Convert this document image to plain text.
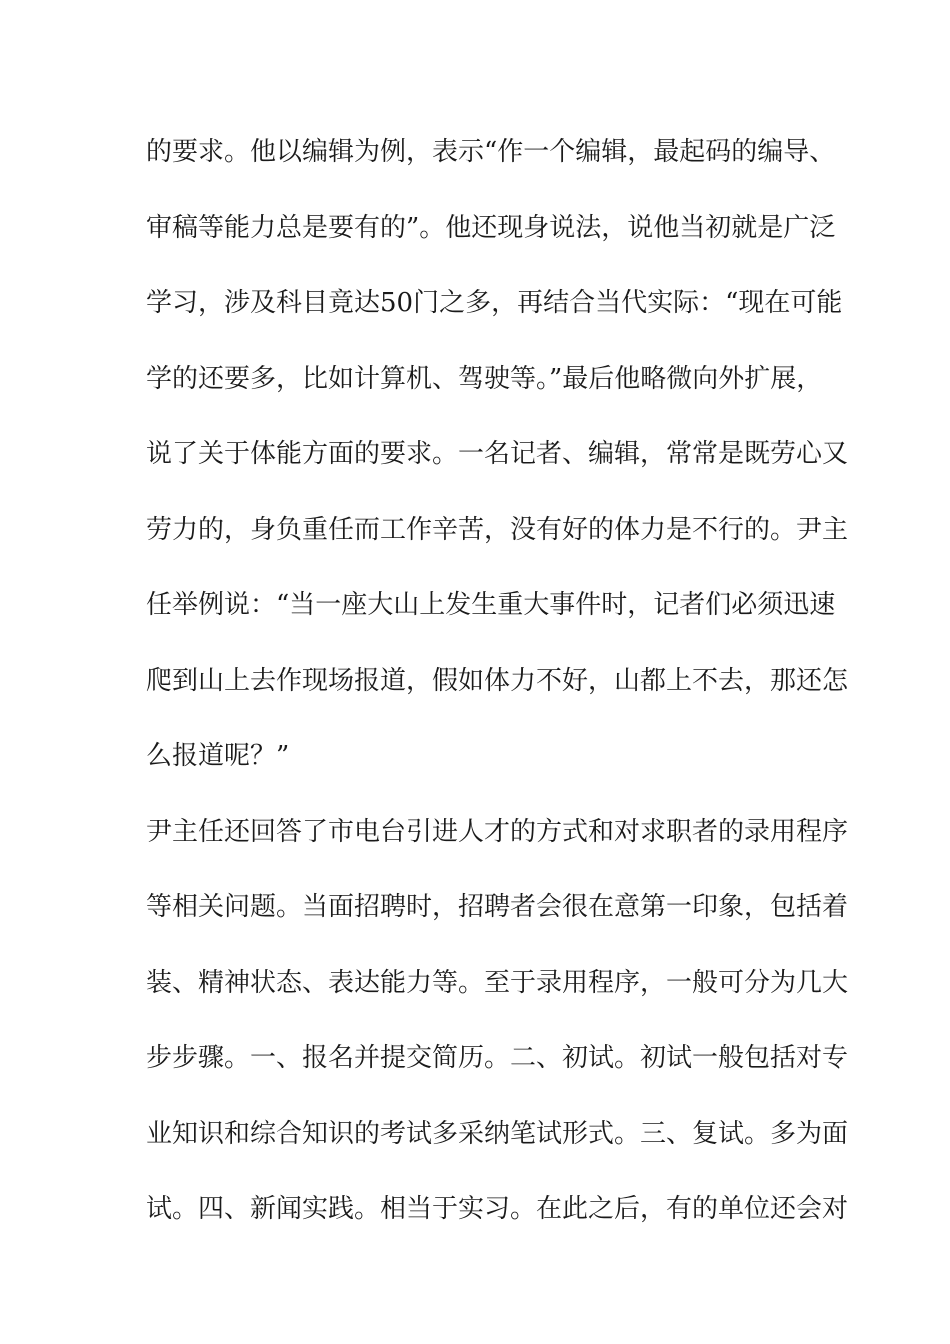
的要求。他以编辑为例，表示“作一个编辑，最起码的编导、
审稿等能力总是要有的”。他还现身说法，说他当初就是广泛
学习，涉及科目竟达50门之多，再结合当代实际：“现在可能
学的还要多，比如计算机、驾驶等。”最后他略微向外扩展，
说了关于体能方面的要求。一名记者、编辑，常常是既劳心又
劳力的，身负重任而工作辛苦，没有好的体力是不行的。尹主
任举例说：“当一座大山上发生重大事件时，记者们必须迅速
爬到山上去作现场报道，假如体力不好，山都上不去，那还怎
么报道呢？”
尹主任还回答了市电台引进人才的方式和对求职者的录用程序
等相关问题。当面招聘时，招聘者会很在意第一印象，包括着
装、精神状态、表达能力等。至于录用程序，一般可分为几大
步步骤。一、报名并提交简历。二、初试。初试一般包括对专
业知识和综合知识的考试多采纳笔试形式。三、复试。多为面
试。四、新闻实践。相当于实习。在此之后，有的单位还会对
